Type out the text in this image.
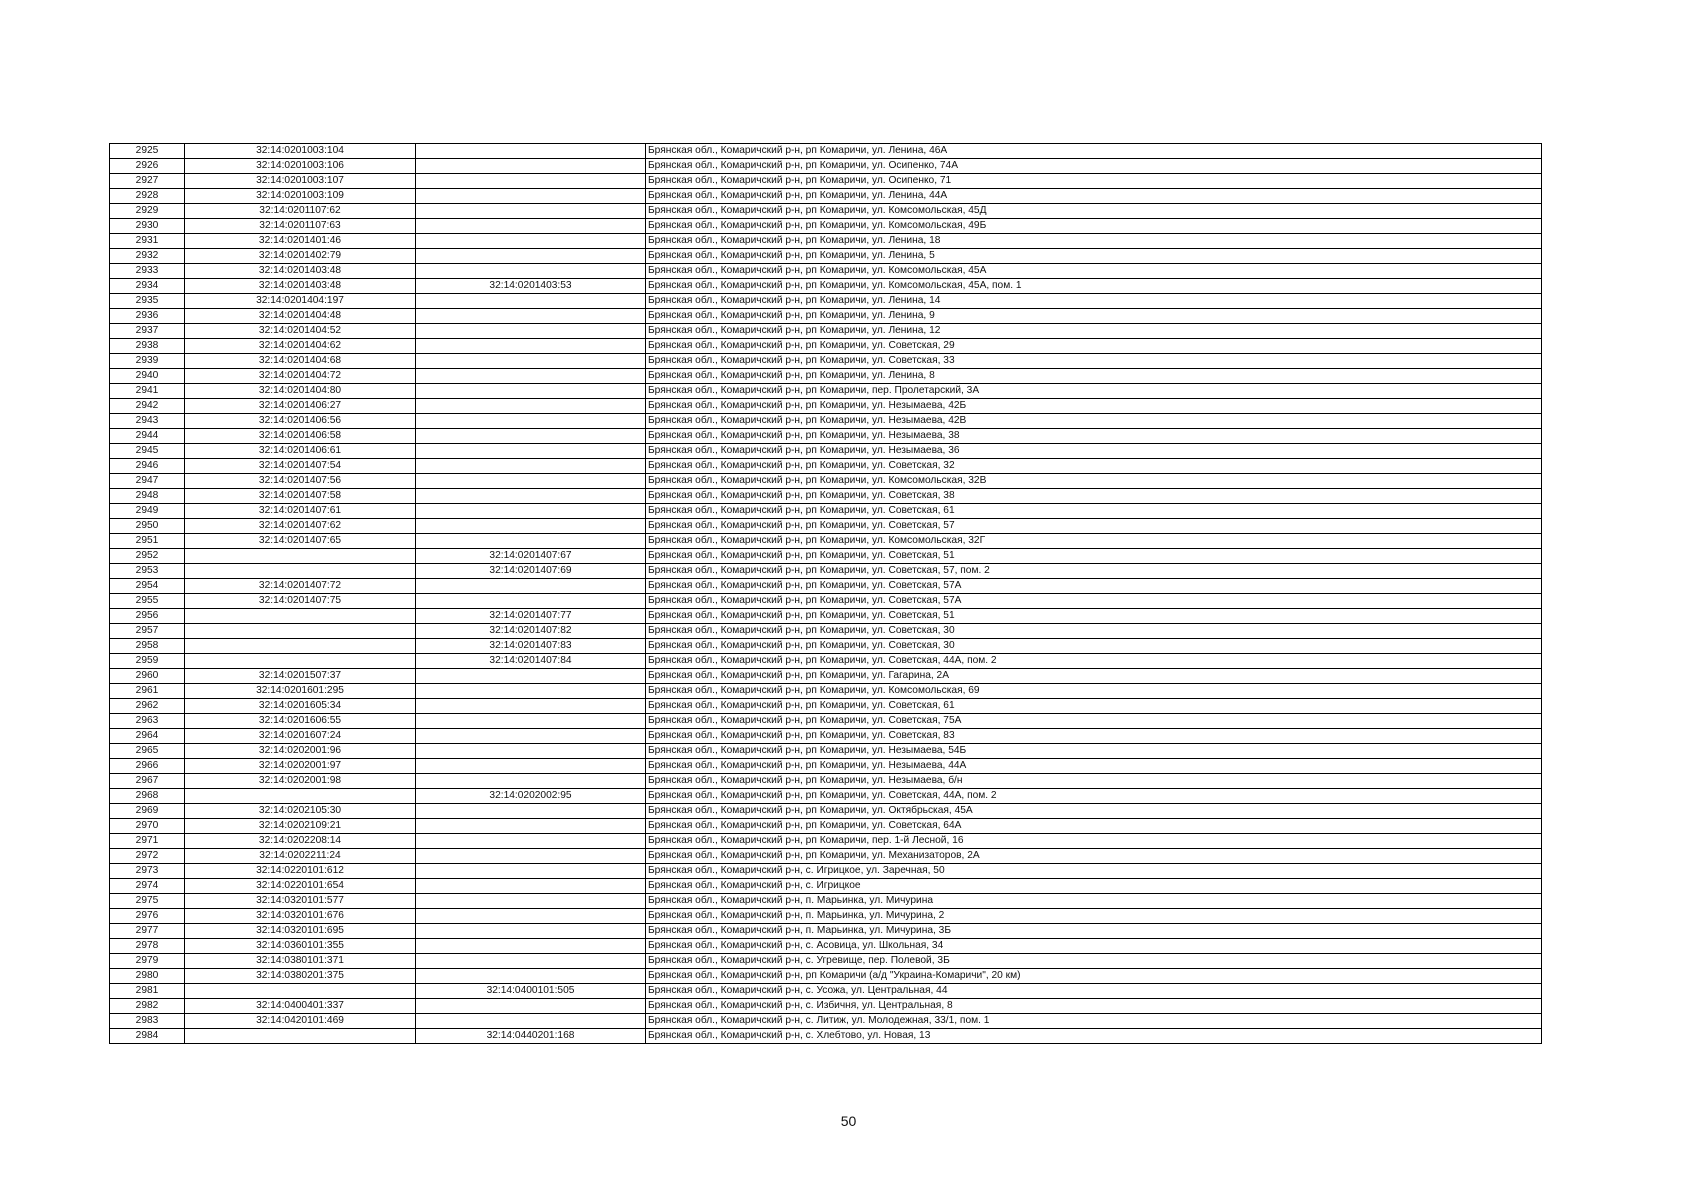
2925	32:14:0201003:104		Брянская обл., Комаричский р-н, рп Комаричи, ул. Ленина, 46А
2926	32:14:0201003:106		Брянская обл., Комаричский р-н, рп Комаричи, ул. Осипенко, 74А
2927	32:14:0201003:107		Брянская обл., Комаричский р-н, рп Комаричи, ул. Осипенко, 71
2928	32:14:0201003:109		Брянская обл., Комаричский р-н, рп Комаричи, ул. Ленина, 44А
2929	32:14:0201107:62		Брянская обл., Комаричский р-н, рп Комаричи, ул. Комсомольская, 45Д
2930	32:14:0201107:63		Брянская обл., Комаричский р-н, рп Комаричи, ул. Комсомольская, 49Б
2931	32:14:0201401:46		Брянская обл., Комаричский р-н, рп Комаричи, ул. Ленина, 18
2932	32:14:0201402:79		Брянская обл., Комаричский р-н, рп Комаричи, ул. Ленина, 5
2933	32:14:0201403:48		Брянская обл., Комаричский р-н, рп Комаричи, ул. Комсомольская, 45А
2934	32:14:0201403:48	32:14:0201403:53	Брянская обл., Комаричский р-н, рп Комаричи, ул. Комсомольская, 45А, пом. 1
2935	32:14:0201404:197		Брянская обл., Комаричский р-н, рп Комаричи, ул. Ленина, 14
2936	32:14:0201404:48		Брянская обл., Комаричский р-н, рп Комаричи, ул. Ленина, 9
2937	32:14:0201404:52		Брянская обл., Комаричский р-н, рп Комаричи, ул. Ленина, 12
2938	32:14:0201404:62		Брянская обл., Комаричский р-н, рп Комаричи, ул. Советская, 29
2939	32:14:0201404:68		Брянская обл., Комаричский р-н, рп Комаричи, ул. Советская, 33
2940	32:14:0201404:72		Брянская обл., Комаричский р-н, рп Комаричи, ул. Ленина, 8
2941	32:14:0201404:80		Брянская обл., Комаричский р-н, рп Комаричи, пер. Пролетарский, 3А
2942	32:14:0201406:27		Брянская обл., Комаричский р-н, рп Комаричи, ул. Незымаева, 42Б
2943	32:14:0201406:56		Брянская обл., Комаричский р-н, рп Комаричи, ул. Незымаева, 42В
2944	32:14:0201406:58		Брянская обл., Комаричский р-н, рп Комаричи, ул. Незымаева, 38
2945	32:14:0201406:61		Брянская обл., Комаричский р-н, рп Комаричи, ул. Незымаева, 36
2946	32:14:0201407:54		Брянская обл., Комаричский р-н, рп Комаричи, ул. Советская, 32
2947	32:14:0201407:56		Брянская обл., Комаричский р-н, рп Комаричи, ул. Комсомольская, 32В
2948	32:14:0201407:58		Брянская обл., Комаричский р-н, рп Комаричи, ул. Советская, 38
2949	32:14:0201407:61		Брянская обл., Комаричский р-н, рп Комаричи, ул. Советская, 61
2950	32:14:0201407:62		Брянская обл., Комаричский р-н, рп Комаричи, ул. Советская, 57
2951	32:14:0201407:65		Брянская обл., Комаричский р-н, рп Комаричи, ул. Комсомольская, 32Г
2952		32:14:0201407:67	Брянская обл., Комаричский р-н, рп Комаричи, ул. Советская, 51
2953		32:14:0201407:69	Брянская обл., Комаричский р-н, рп Комаричи, ул. Советская, 57, пом. 2
2954	32:14:0201407:72		Брянская обл., Комаричский р-н, рп Комаричи, ул. Советская, 57А
2955	32:14:0201407:75		Брянская обл., Комаричский р-н, рп Комаричи, ул. Советская, 57А
2956		32:14:0201407:77	Брянская обл., Комаричский р-н, рп Комаричи, ул. Советская, 51
2957		32:14:0201407:82	Брянская обл., Комаричский р-н, рп Комаричи, ул. Советская, 30
2958		32:14:0201407:83	Брянская обл., Комаричский р-н, рп Комаричи, ул. Советская, 30
2959		32:14:0201407:84	Брянская обл., Комаричский р-н, рп Комаричи, ул. Советская, 44А, пом. 2
2960	32:14:0201507:37		Брянская обл., Комаричский р-н, рп Комаричи, ул. Гагарина, 2А
2961	32:14:0201601:295		Брянская обл., Комаричский р-н, рп Комаричи, ул. Комсомольская, 69
2962	32:14:0201605:34		Брянская обл., Комаричский р-н, рп Комаричи, ул. Советская, 61
2963	32:14:0201606:55		Брянская обл., Комаричский р-н, рп Комаричи, ул. Советская, 75А
2964	32:14:0201607:24		Брянская обл., Комаричский р-н, рп Комаричи, ул. Советская, 83
2965	32:14:0202001:96		Брянская обл., Комаричский р-н, рп Комаричи, ул. Незымаева, 54Б
2966	32:14:0202001:97		Брянская обл., Комаричский р-н, рп Комаричи, ул. Незымаева, 44А
2967	32:14:0202001:98		Брянская обл., Комаричский р-н, рп Комаричи, ул. Незымаева, б/н
2968		32:14:0202002:95	Брянская обл., Комаричский р-н, рп Комаричи, ул. Советская, 44А, пом. 2
2969	32:14:0202105:30		Брянская обл., Комаричский р-н, рп Комаричи, ул. Октябрьская, 45А
2970	32:14:0202109:21		Брянская обл., Комаричский р-н, рп Комаричи, ул. Советская, 64А
2971	32:14:0202208:14		Брянская обл., Комаричский р-н, рп Комаричи, пер. 1-й Лесной, 16
2972	32:14:0202211:24		Брянская обл., Комаричский р-н, рп Комаричи, ул. Механизаторов, 2А
2973	32:14:0220101:612		Брянская обл., Комаричский р-н, с. Игрицкое, ул. Заречная, 50
2974	32:14:0220101:654		Брянская обл., Комаричский р-н, с. Игрицкое
2975	32:14:0320101:577		Брянская обл., Комаричский р-н, п. Марьинка, ул. Мичурина
2976	32:14:0320101:676		Брянская обл., Комаричский р-н, п. Марьинка, ул. Мичурина, 2
2977	32:14:0320101:695		Брянская обл., Комаричский р-н, п. Марьинка, ул. Мичурина, 3Б
2978	32:14:0360101:355		Брянская обл., Комаричский р-н, с. Асовица, ул. Школьная, 34
2979	32:14:0380101:371		Брянская обл., Комаричский р-н, с. Угревище, пер. Полевой, 3Б
2980	32:14:0380201:375		Брянская обл., Комаричский р-н, рп Комаричи (а/д "Украина-Комаричи", 20 км)
2981		32:14:0400101:505	Брянская обл., Комаричский р-н, с. Усожа, ул. Центральная, 44
2982	32:14:0400401:337		Брянская обл., Комаричский р-н, с. Избичня, ул. Центральная, 8
2983	32:14:0420101:469		Брянская обл., Комаричский р-н, с. Литиж, ул. Молодежная, 33/1, пом. 1
2984		32:14:0440201:168	Брянская обл., Комаричский р-н, с. Хлебтово, ул. Новая, 13
50
